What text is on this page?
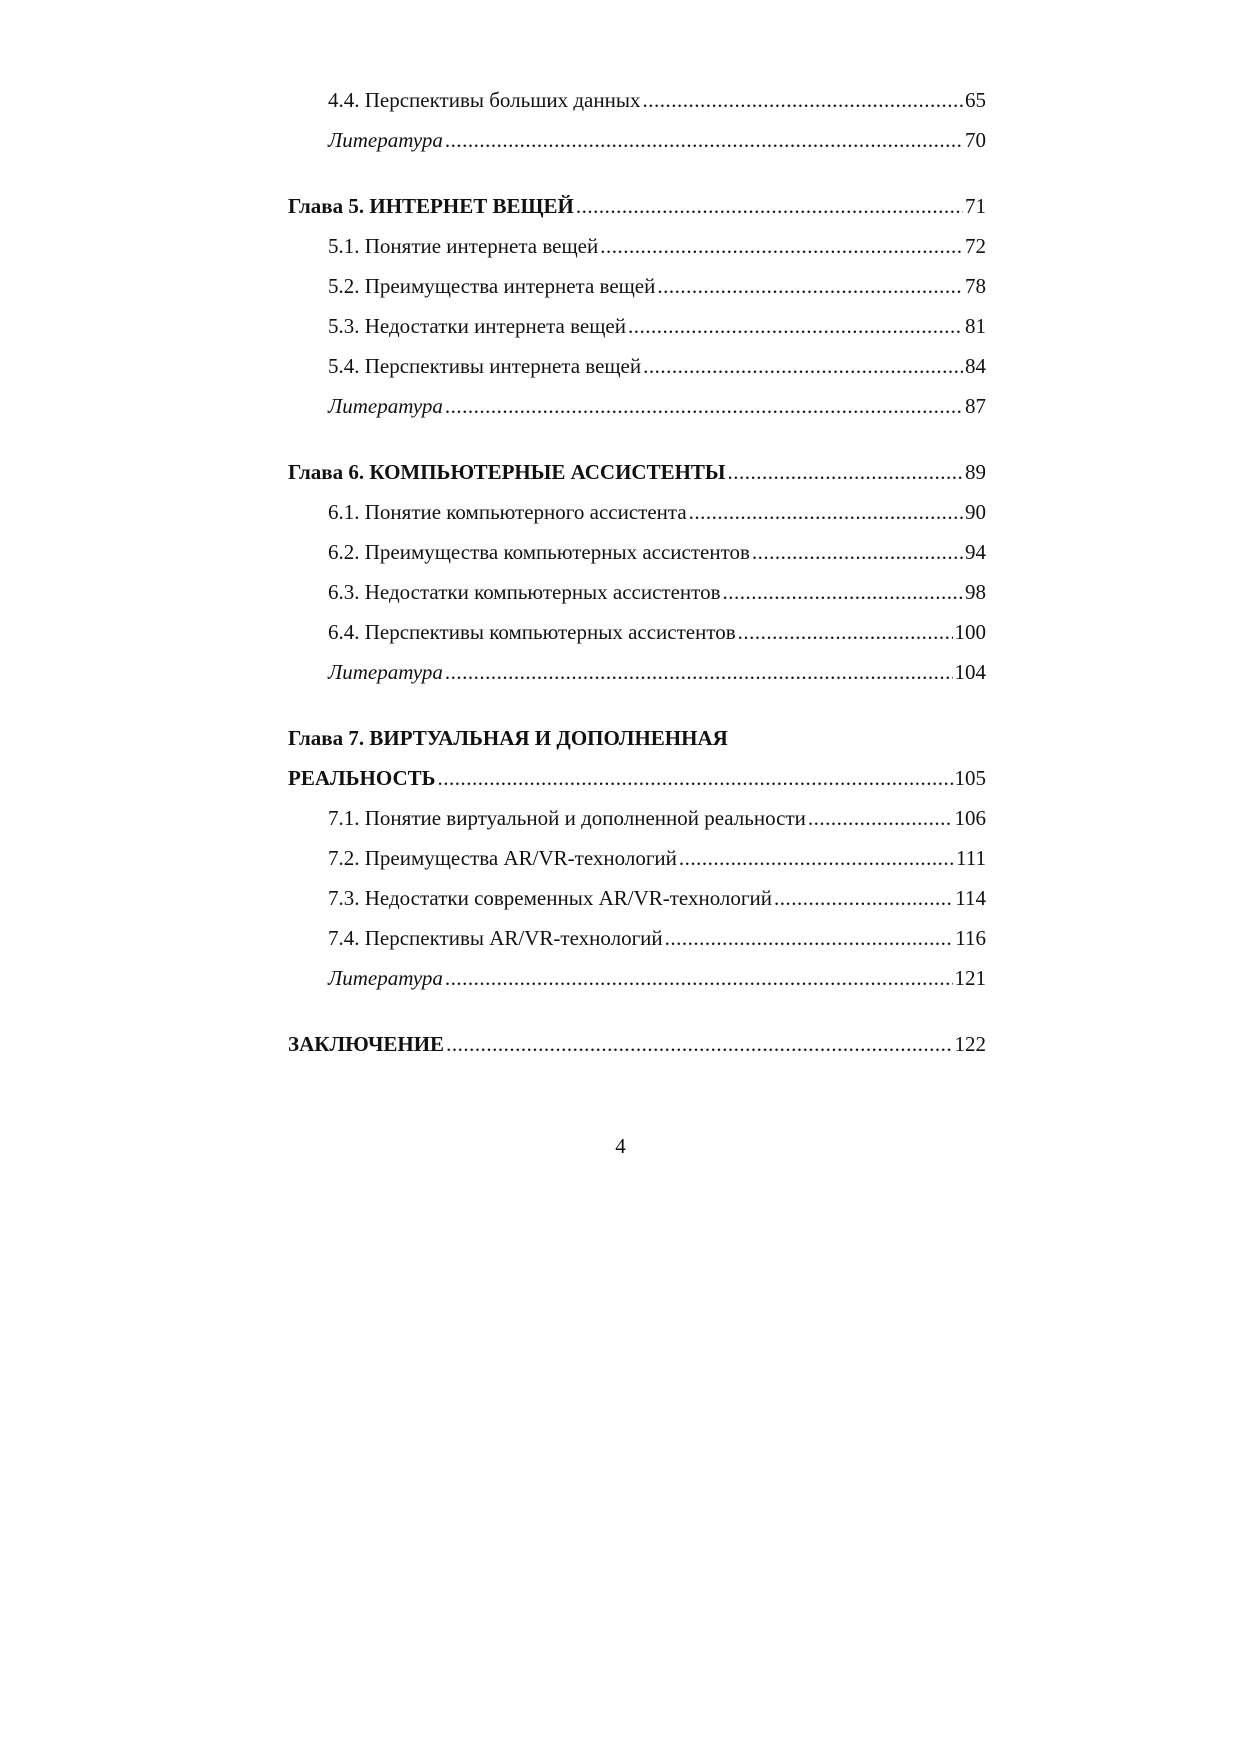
4.4. Перспективы больших данных .....	65
Литература .....	70
Глава 5. ИНТЕРНЕТ ВЕЩЕЙ .....	71
5.1. Понятие интернета вещей .....	72
5.2. Преимущества интернета вещей .....	78
5.3. Недостатки интернета вещей .....	81
5.4. Перспективы интернета вещей .....	84
Литература .....	87
Глава 6. КОМПЬЮТЕРНЫЕ АССИСТЕНТЫ .....	89
6.1. Понятие компьютерного ассистента .....	90
6.2. Преимущества компьютерных ассистентов .....	94
6.3. Недостатки компьютерных ассистентов .....	98
6.4. Перспективы компьютерных ассистентов .....	100
Литература .....	104
Глава 7. ВИРТУАЛЬНАЯ И ДОПОЛНЕННАЯ
РЕАЛЬНОСТЬ .....	105
7.1. Понятие виртуальной и дополненной реальности .....	106
7.2. Преимущества AR/VR-технологий .....	111
7.3. Недостатки современных AR/VR-технологий .....	114
7.4. Перспективы AR/VR-технологий .....	116
Литература .....	121
ЗАКЛЮЧЕНИЕ .....	122
4
